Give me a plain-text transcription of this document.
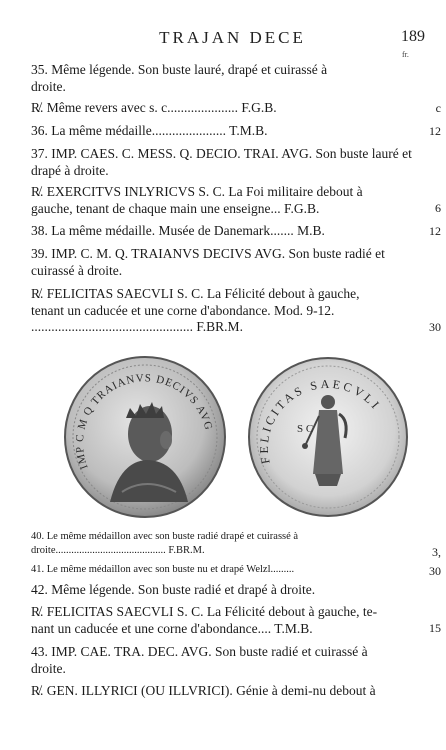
TRAJAN DECE	189
fr.
35. Même légende. Son buste lauré, drapé et cuirassé à
droite.
R̸. Même revers avec s. c..................... F.G.B.	c
36. La même médaille...................... T.M.B.	12
37. IMP. CAES. C. MESS. Q. DECIO. TRAI. AVG. Son buste lauré et
drapé à droite.
R̸. EXERCITVS INLYRICVS S. C. La Foi militaire debout à
gauche, tenant de chaque main une enseigne... F.G.B.	6
38. La même médaille. Musée de Danemark....... M.B.	12
39. IMP. C. M. Q. TRAIANVS DECIVS AVG. Son buste radié et
cuirassé à droite.
R̸. FELICITAS SAECVLI S. C. La Félicité debout à gauche,
tenant un caducée et une corne d'abondance. Mod. 9-12.
................................................ F.BR.M.	30
IMP C M Q TRAIANVS DECIVS AVG	S C
FELICITAS SAECVLI
40. Le même médaillon avec son buste radié drapé et cuirassé à
droite.......................................... F.BR.M.	3,
41. Le même médaillon avec son buste nu et drapé Welzl.........	30
42. Même légende. Son buste radié et drapé à droite.
R̸. FELICITAS SAECVLI S. C. La Félicité debout à gauche, te-
nant un caducée et une corne d'abondance.... T.M.B.	15
43. IMP. CAE. TRA. DEC. AVG. Son buste radié et cuirassé à
droite.
R̸. GEN. ILLYRICI (OU ILLVRICI). Génie à demi-nu debout à
